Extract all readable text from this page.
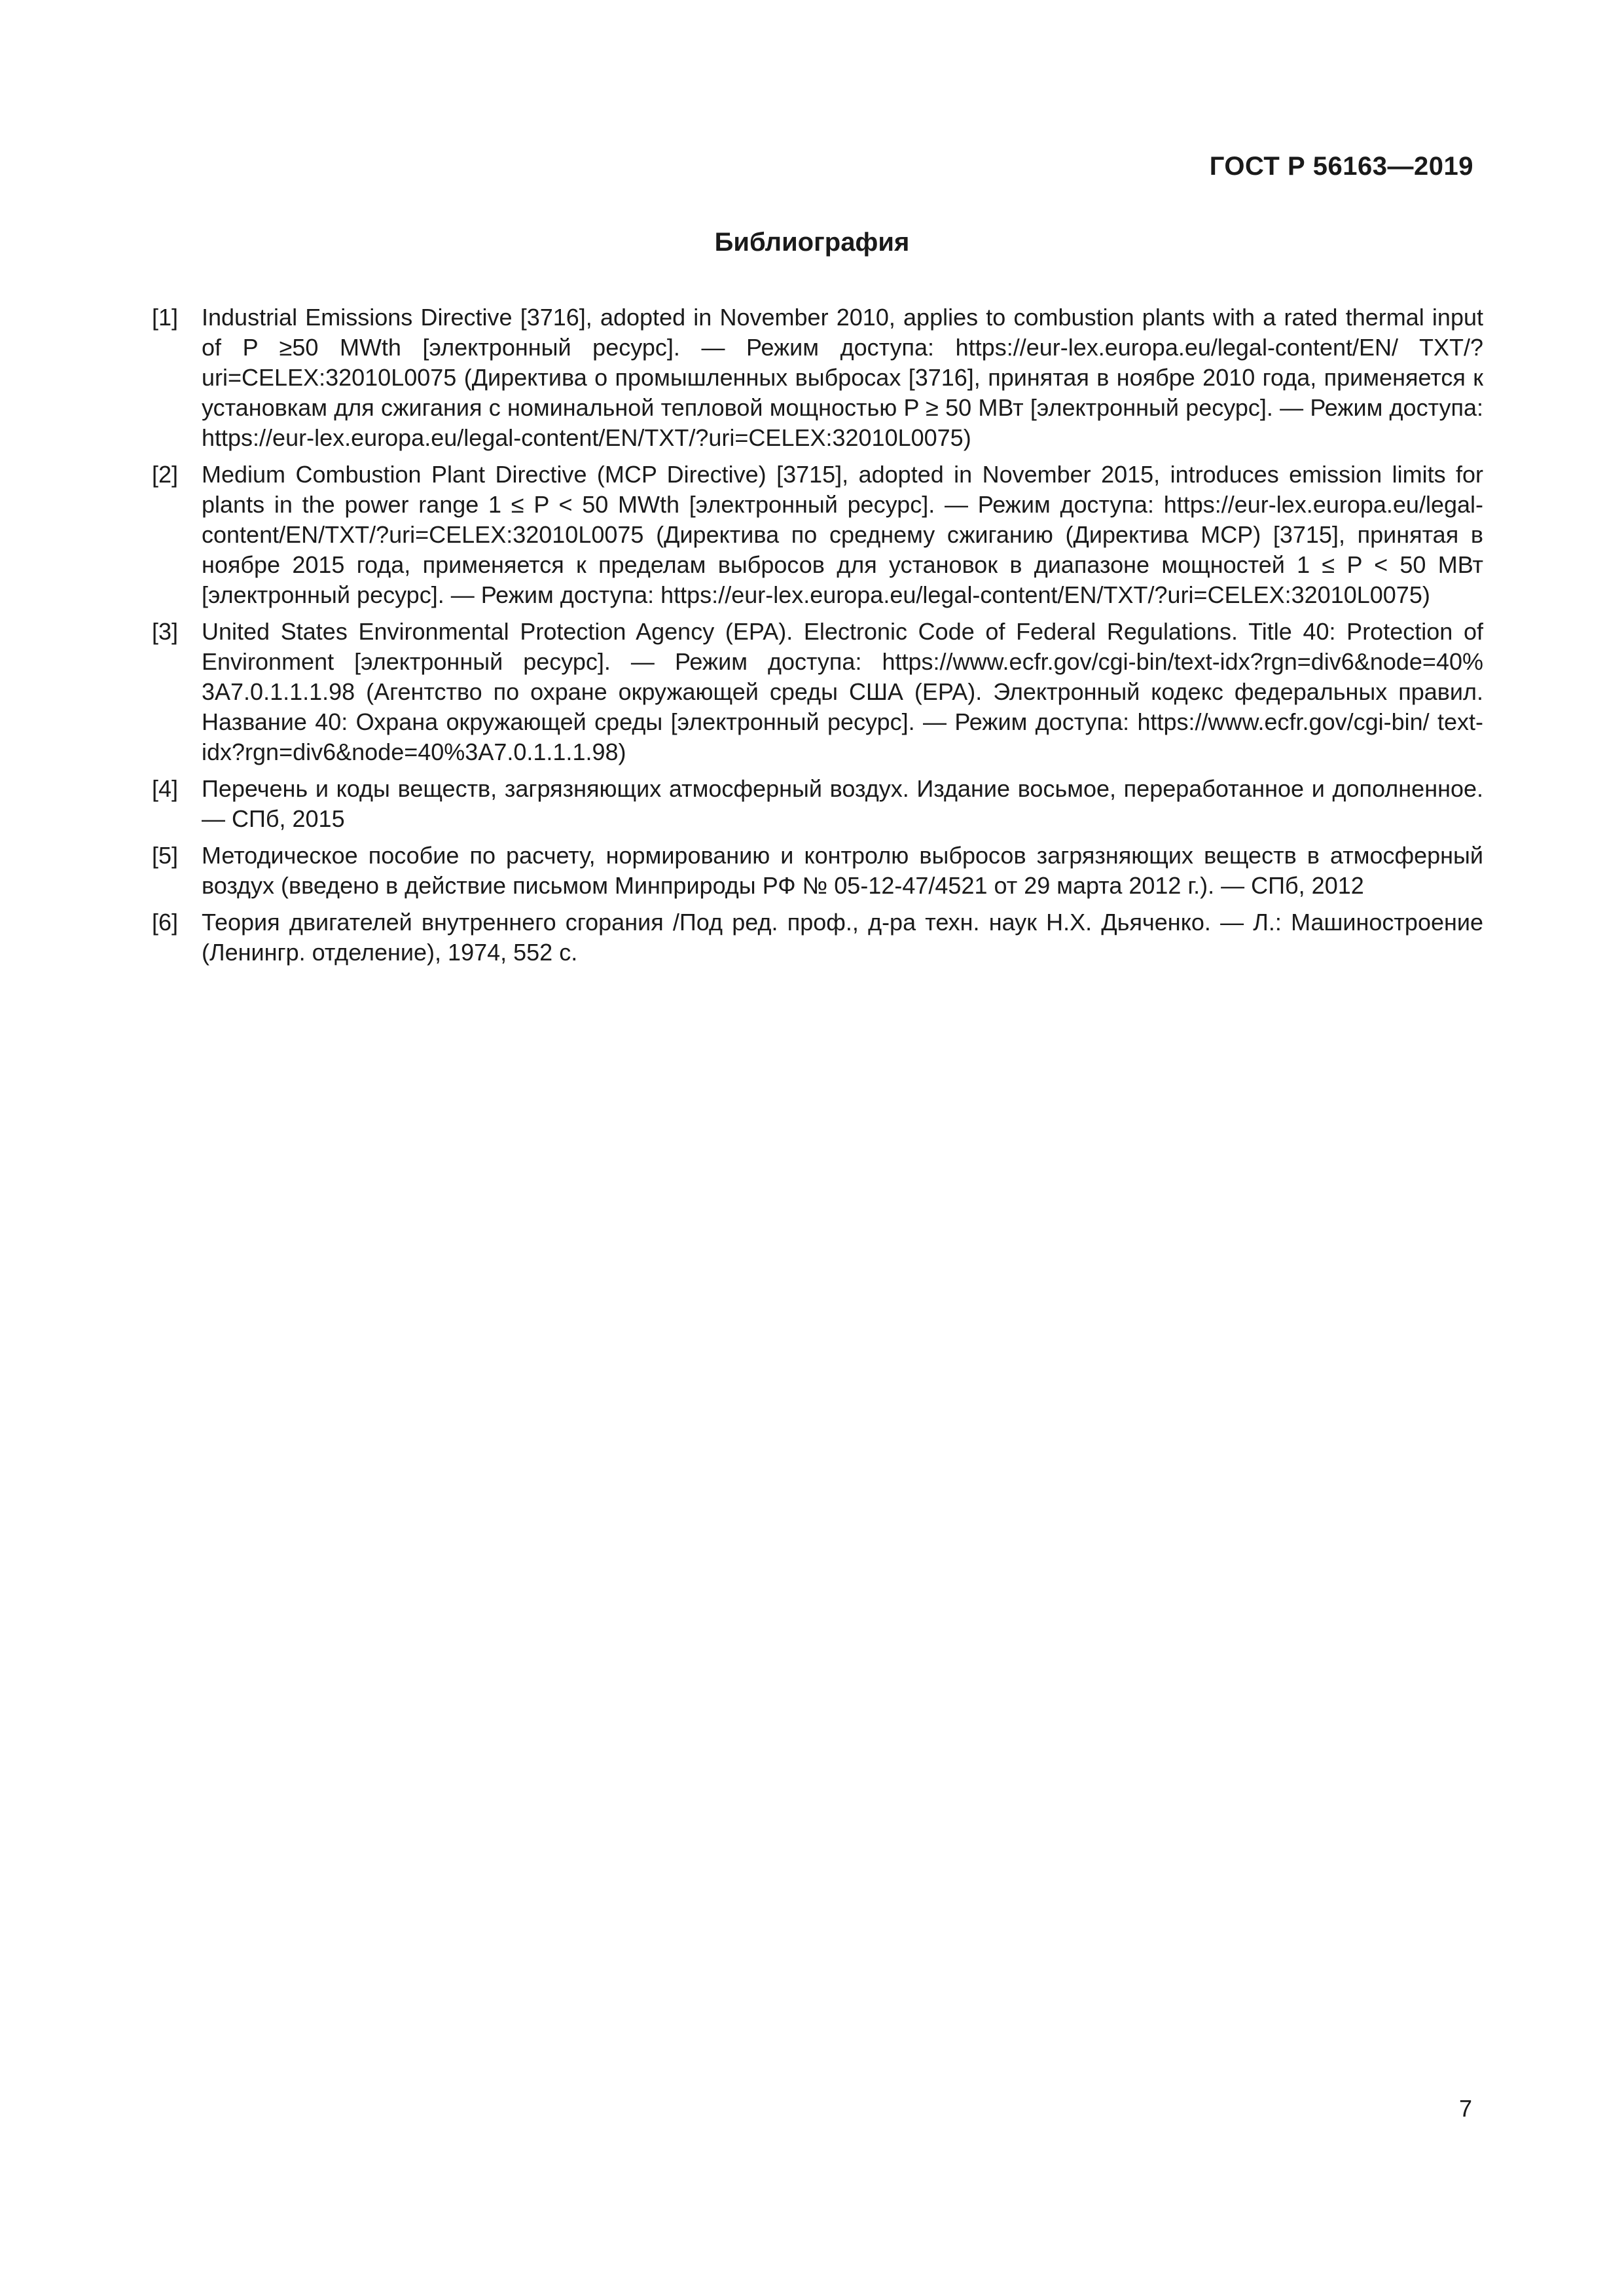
ГОСТ Р 56163—2019
Библиография
[1] Industrial Emissions Directive [3716], adopted in November 2010, applies to combustion plants with a rated thermal input of P ≥50 MWth [электронный ресурс]. — Режим доступа: https://eur-lex.europa.eu/legal-content/EN/ TXT/?uri=CELEX:32010L0075 (Директива о промышленных выбросах [3716], принятая в ноябре 2010 года, применяется к установкам для сжигания с номинальной тепловой мощностью P ≥ 50 МВт [электронный ресурс]. — Режим доступа: https://eur-lex.europa.eu/legal-content/EN/TXT/?uri=CELEX:32010L0075)
[2] Medium Combustion Plant Directive (MCP Directive) [3715], adopted in November 2015, introduces emission limits for plants in the power range 1 ≤ P < 50 MWth [электронный ресурс]. — Режим доступа: https://eur-lex.europa.eu/legal-content/EN/TXT/?uri=CELEX:32010L0075 (Директива по среднему сжиганию (Директива MCP) [3715], принятая в ноябре 2015 года, применяется к пределам выбросов для установок в диапазоне мощностей 1 ≤ P < 50 МВт [электронный ресурс]. — Режим доступа: https://eur-lex.europa.eu/legal-content/EN/TXT/?uri=CELEX:32010L0075)
[3] United States Environmental Protection Agency (EPA). Electronic Code of Federal Regulations. Title 40: Protection of Environment [электронный ресурс]. — Режим доступа: https://www.ecfr.gov/cgi-bin/text-idx?rgn=div6&node=40% 3A7.0.1.1.1.98 (Агентство по охране окружающей среды США (EPA). Электронный кодекс федеральных правил. Название 40: Охрана окружающей среды [электронный ресурс]. — Режим доступа: https://www.ecfr.gov/cgi-bin/ text-idx?rgn=div6&node=40%3A7.0.1.1.1.98)
[4] Перечень и коды веществ, загрязняющих атмосферный воздух. Издание восьмое, переработанное и дополненное. — СПб, 2015
[5] Методическое пособие по расчету, нормированию и контролю выбросов загрязняющих веществ в атмосферный воздух (введено в действие письмом Минприроды РФ № 05-12-47/4521 от 29 марта 2012 г.). — СПб, 2012
[6] Теория двигателей внутреннего сгорания /Под ред. проф., д-ра техн. наук Н.Х. Дьяченко. — Л.: Машиностроение (Ленингр. отделение), 1974, 552 с.
7
